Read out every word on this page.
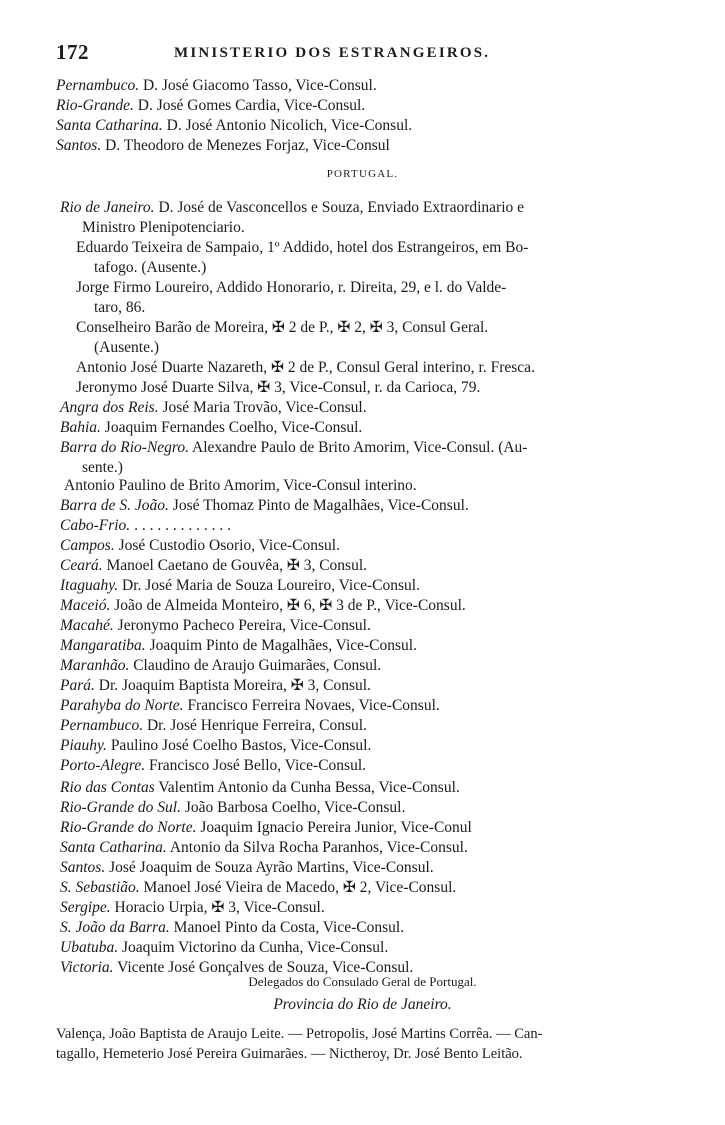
172	MINISTERIO DOS ESTRANGEIROS.
Pernambuco. D. José Giacomo Tasso, Vice-Consul.
Rio-Grande. D. José Gomes Cardia, Vice-Consul.
Santa Catharina. D. José Antonio Nicolich, Vice-Consul.
Santos. D. Theodoro de Menezes Forjaz, Vice-Consul
PORTUGAL.
Rio de Janeiro. D. José de Vasconcellos e Souza, Enviado Extraordinario e
Ministro Plenipotenciario.
Eduardo Teixeira de Sampaio, 1º Addido, hotel dos Estrangeiros, em Bo-
tafogo. (Ausente.)
Jorge Firmo Loureiro, Addido Honorario, r. Direita, 29, e l. do Valde-
taro, 86.
Conselheiro Barão de Moreira, ✠ 2 de P., ✠ 2, ✠ 3, Consul Geral.
(Ausente.)
Antonio José Duarte Nazareth, ✠ 2 de P., Consul Geral interino, r. Fresca.
Jeronymo José Duarte Silva, ✠ 3, Vice-Consul, r. da Carioca, 79.
Angra dos Reis. José Maria Trovão, Vice-Consul.
Bahia. Joaquim Fernandes Coelho, Vice-Consul.
Barra do Rio-Negro. Alexandre Paulo de Brito Amorim, Vice-Consul. (Au-
sente.)
Antonio Paulino de Brito Amorim, Vice-Consul interino.
Barra de S. João. José Thomaz Pinto de Magalhães, Vice-Consul.
Cabo-Frio. . . . . . . . . . . . . .
Campos. José Custodio Osorio, Vice-Consul.
Ceará. Manoel Caetano de Gouvêa, ✠ 3, Consul.
Itaguahy. Dr. José Maria de Souza Loureiro, Vice-Consul.
Maceió. João de Almeida Monteiro, ✠ 6, ✠ 3 de P., Vice-Consul.
Macahé. Jeronymo Pacheco Pereira, Vice-Consul.
Mangaratiba. Joaquim Pinto de Magalhães, Vice-Consul.
Maranhão. Claudino de Araujo Guimarães, Consul.
Pará. Dr. Joaquim Baptista Moreira, ✠ 3, Consul.
Parahyba do Norte. Francisco Ferreira Novaes, Vice-Consul.
Pernambuco. Dr. José Henrique Ferreira, Consul.
Piauhy. Paulino José Coelho Bastos, Vice-Consul.
Porto-Alegre. Francisco José Bello, Vice-Consul.
Rio das Contas Valentim Antonio da Cunha Bessa, Vice-Consul.
Rio-Grande do Sul. João Barbosa Coelho, Vice-Consul.
Rio-Grande do Norte. Joaquim Ignacio Pereira Junior, Vice-Conul
Santa Catharina. Antonio da Silva Rocha Paranhos, Vice-Consul.
Santos. José Joaquim de Souza Ayrão Martins, Vice-Consul.
S. Sebastião. Manoel José Vieira de Macedo, ✠ 2, Vice-Consul.
Sergipe. Horacio Urpia, ✠ 3, Vice-Consul.
S. João da Barra. Manoel Pinto da Costa, Vice-Consul.
Ubatuba. Joaquim Victorino da Cunha, Vice-Consul.
Victoria. Vicente José Gonçalves de Souza, Vice-Consul.
Delegados do Consulado Geral de Portugal.
Provincia do Rio de Janeiro.
Valença, João Baptista de Araujo Leite. — Petropolis, José Martins Corrêa. — Can-
tagallo, Hemeterio José Pereira Guimarães. — Nictheroy, Dr. José Bento Leitão.
